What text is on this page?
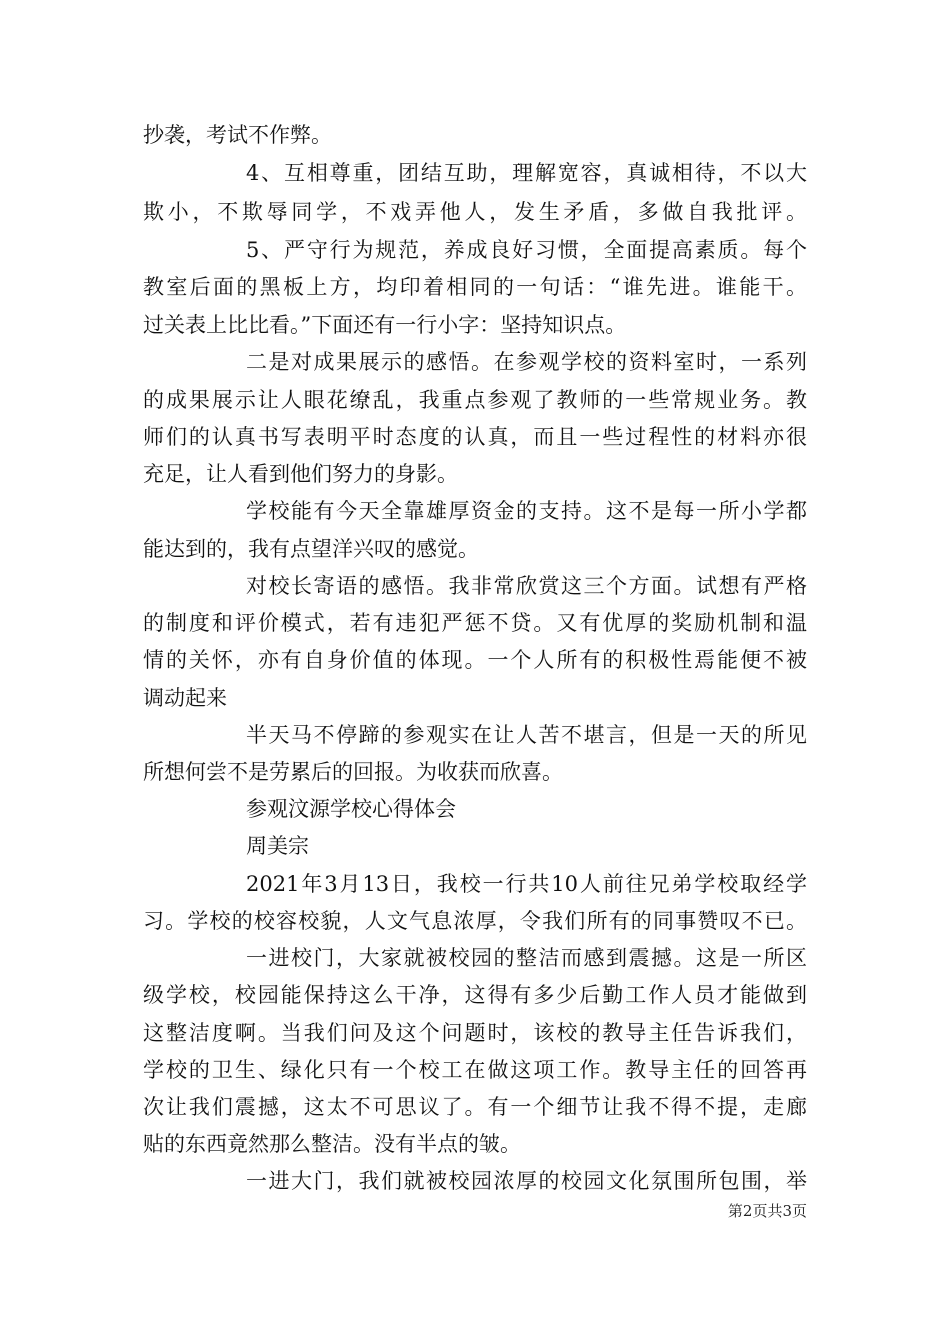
抄袭，考试不作弊。
4、互相尊重，团结互助，理解宽容，真诚相待，不以大
欺小，不欺辱同学，不戏弄他人，发生矛盾，多做自我批评。
5、严守行为规范，养成良好习惯，全面提高素质。每个
教室后面的黑板上方，均印着相同的一句话：“谁先进。谁能干。
过关表上比比看。”下面还有一行小字：坚持知识点。
二是对成果展示的感悟。在参观学校的资料室时，一系列
的成果展示让人眼花缭乱，我重点参观了教师的一些常规业务。教
师们的认真书写表明平时态度的认真，而且一些过程性的材料亦很
充足，让人看到他们努力的身影。
学校能有今天全靠雄厚资金的支持。这不是每一所小学都
能达到的，我有点望洋兴叹的感觉。
对校长寄语的感悟。我非常欣赏这三个方面。试想有严格
的制度和评价模式，若有违犯严惩不贷。又有优厚的奖励机制和温
情的关怀，亦有自身价值的体现。一个人所有的积极性焉能便不被
调动起来
半天马不停蹄的参观实在让人苦不堪言，但是一天的所见
所想何尝不是劳累后的回报。为收获而欣喜。
参观汶源学校心得体会
周美宗
2021年3月13日，我校一行共10人前往兄弟学校取经学
习。学校的校容校貌，人文气息浓厚，令我们所有的同事赞叹不已。
一进校门，大家就被校园的整洁而感到震撼。这是一所区
级学校，校园能保持这么干净，这得有多少后勤工作人员才能做到
这整洁度啊。当我们问及这个问题时，该校的教导主任告诉我们，
学校的卫生、绿化只有一个校工在做这项工作。教导主任的回答再
次让我们震撼，这太不可思议了。有一个细节让我不得不提，走廊
贴的东西竟然那么整洁。没有半点的皱。
一进大门，我们就被校园浓厚的校园文化氛围所包围，举
第2页共3页
